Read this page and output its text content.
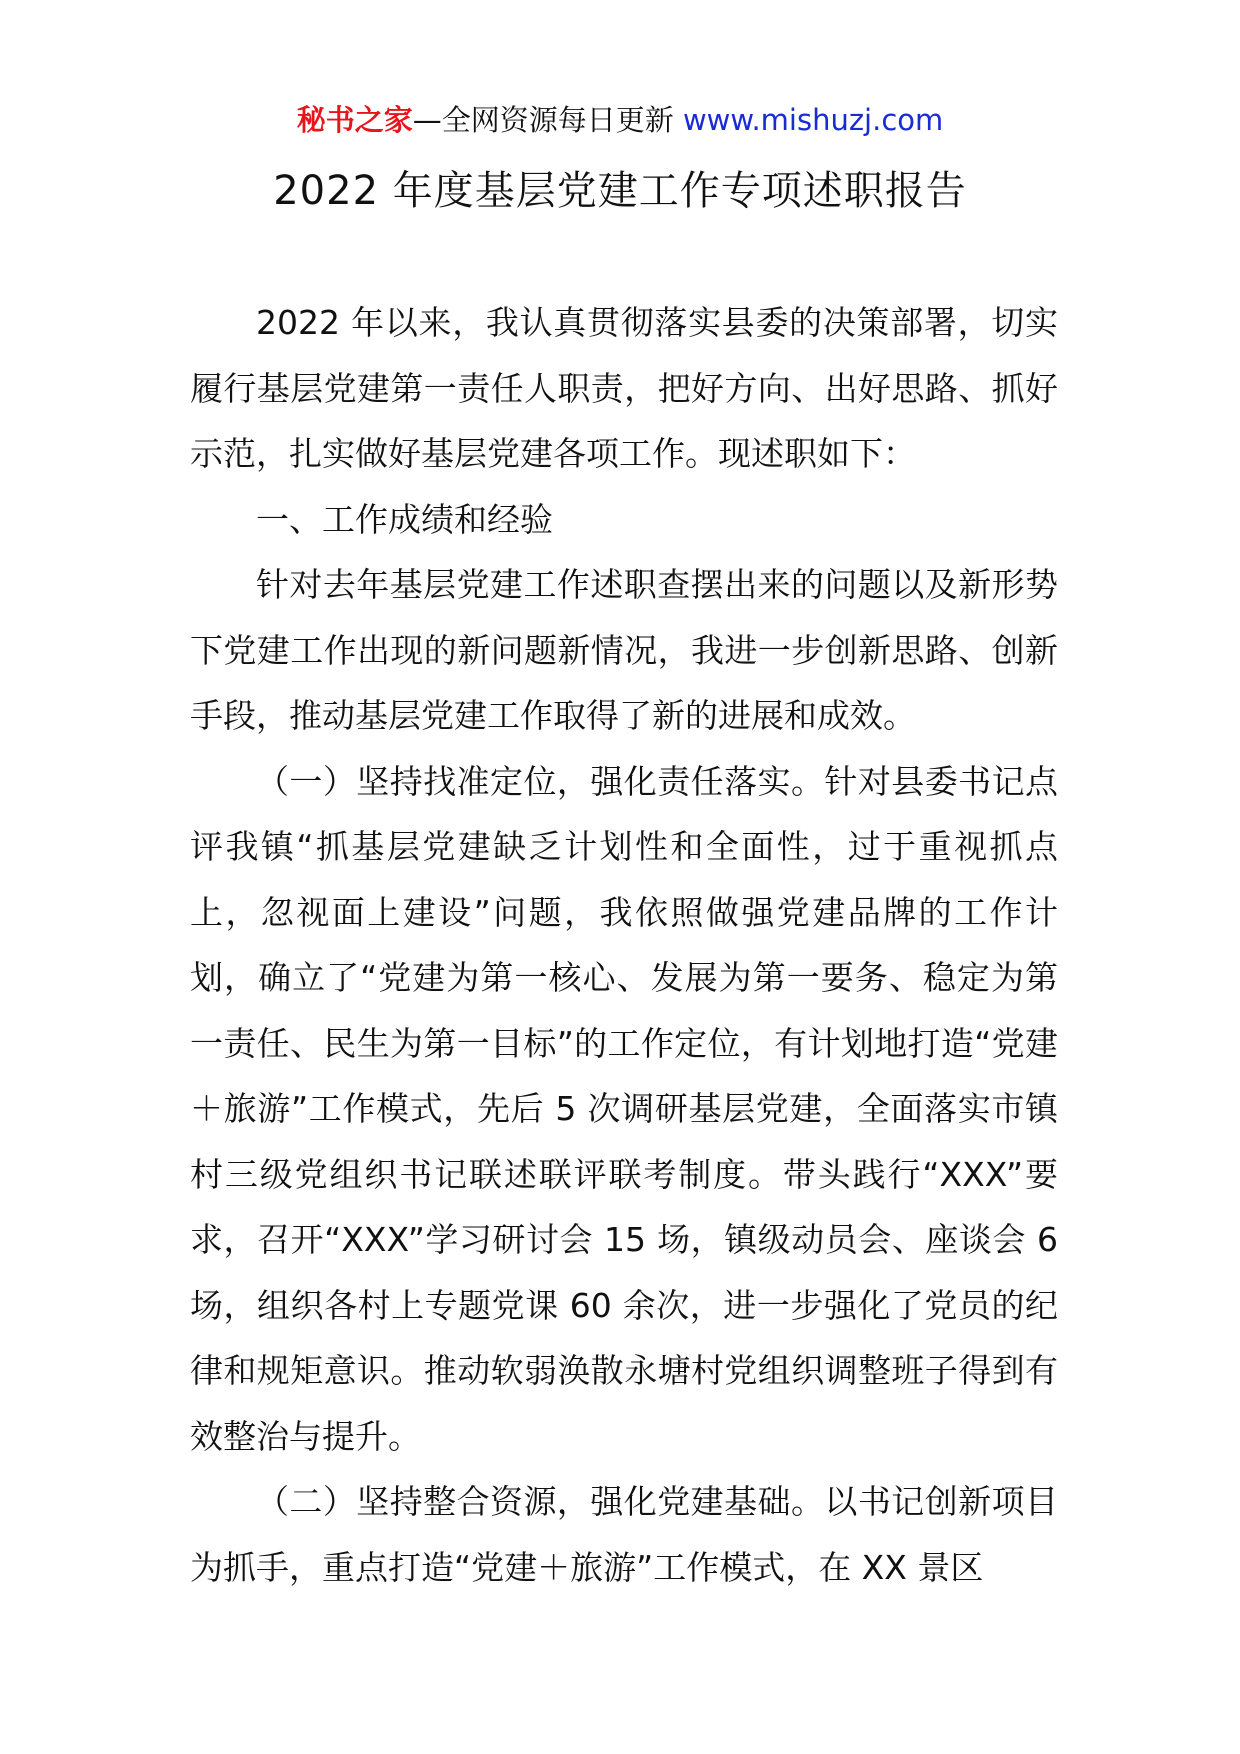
秘书之家—全网资源每日更新 www.mishuzj.com
2022 年度基层党建工作专项述职报告

2022 年以来，我认真贯彻落实县委的决策部署，切实履行基层党建第一责任人职责，把好方向、出好思路、抓好示范，扎实做好基层党建各项工作。现述职如下：

一、工作成绩和经验

针对去年基层党建工作述职查摆出来的问题以及新形势下党建工作出现的新问题新情况，我进一步创新思路、创新手段，推动基层党建工作取得了新的进展和成效。

（一）坚持找准定位，强化责任落实。针对县委书记点评我镇“抓基层党建缺乏计划性和全面性，过于重视抓点上，忽视面上建设”问题，我依照做强党建品牌的工作计划，确立了“党建为第一核心、发展为第一要务、稳定为第一责任、民生为第一目标”的工作定位，有计划地打造“党建＋旅游”工作模式，先后 5 次调研基层党建，全面落实市镇村三级党组织书记联述联评联考制度。带头践行“XXX”要求，召开“XXX”学习研讨会 15 场，镇级动员会、座谈会 6 场，组织各村上专题党课 60 余次，进一步强化了党员的纪律和规矩意识。推动软弱涣散永塘村党组织调整班子得到有效整治与提升。

（二）坚持整合资源，强化党建基础。以书记创新项目为抓手，重点打造“党建＋旅游”工作模式，在 XX 景区
